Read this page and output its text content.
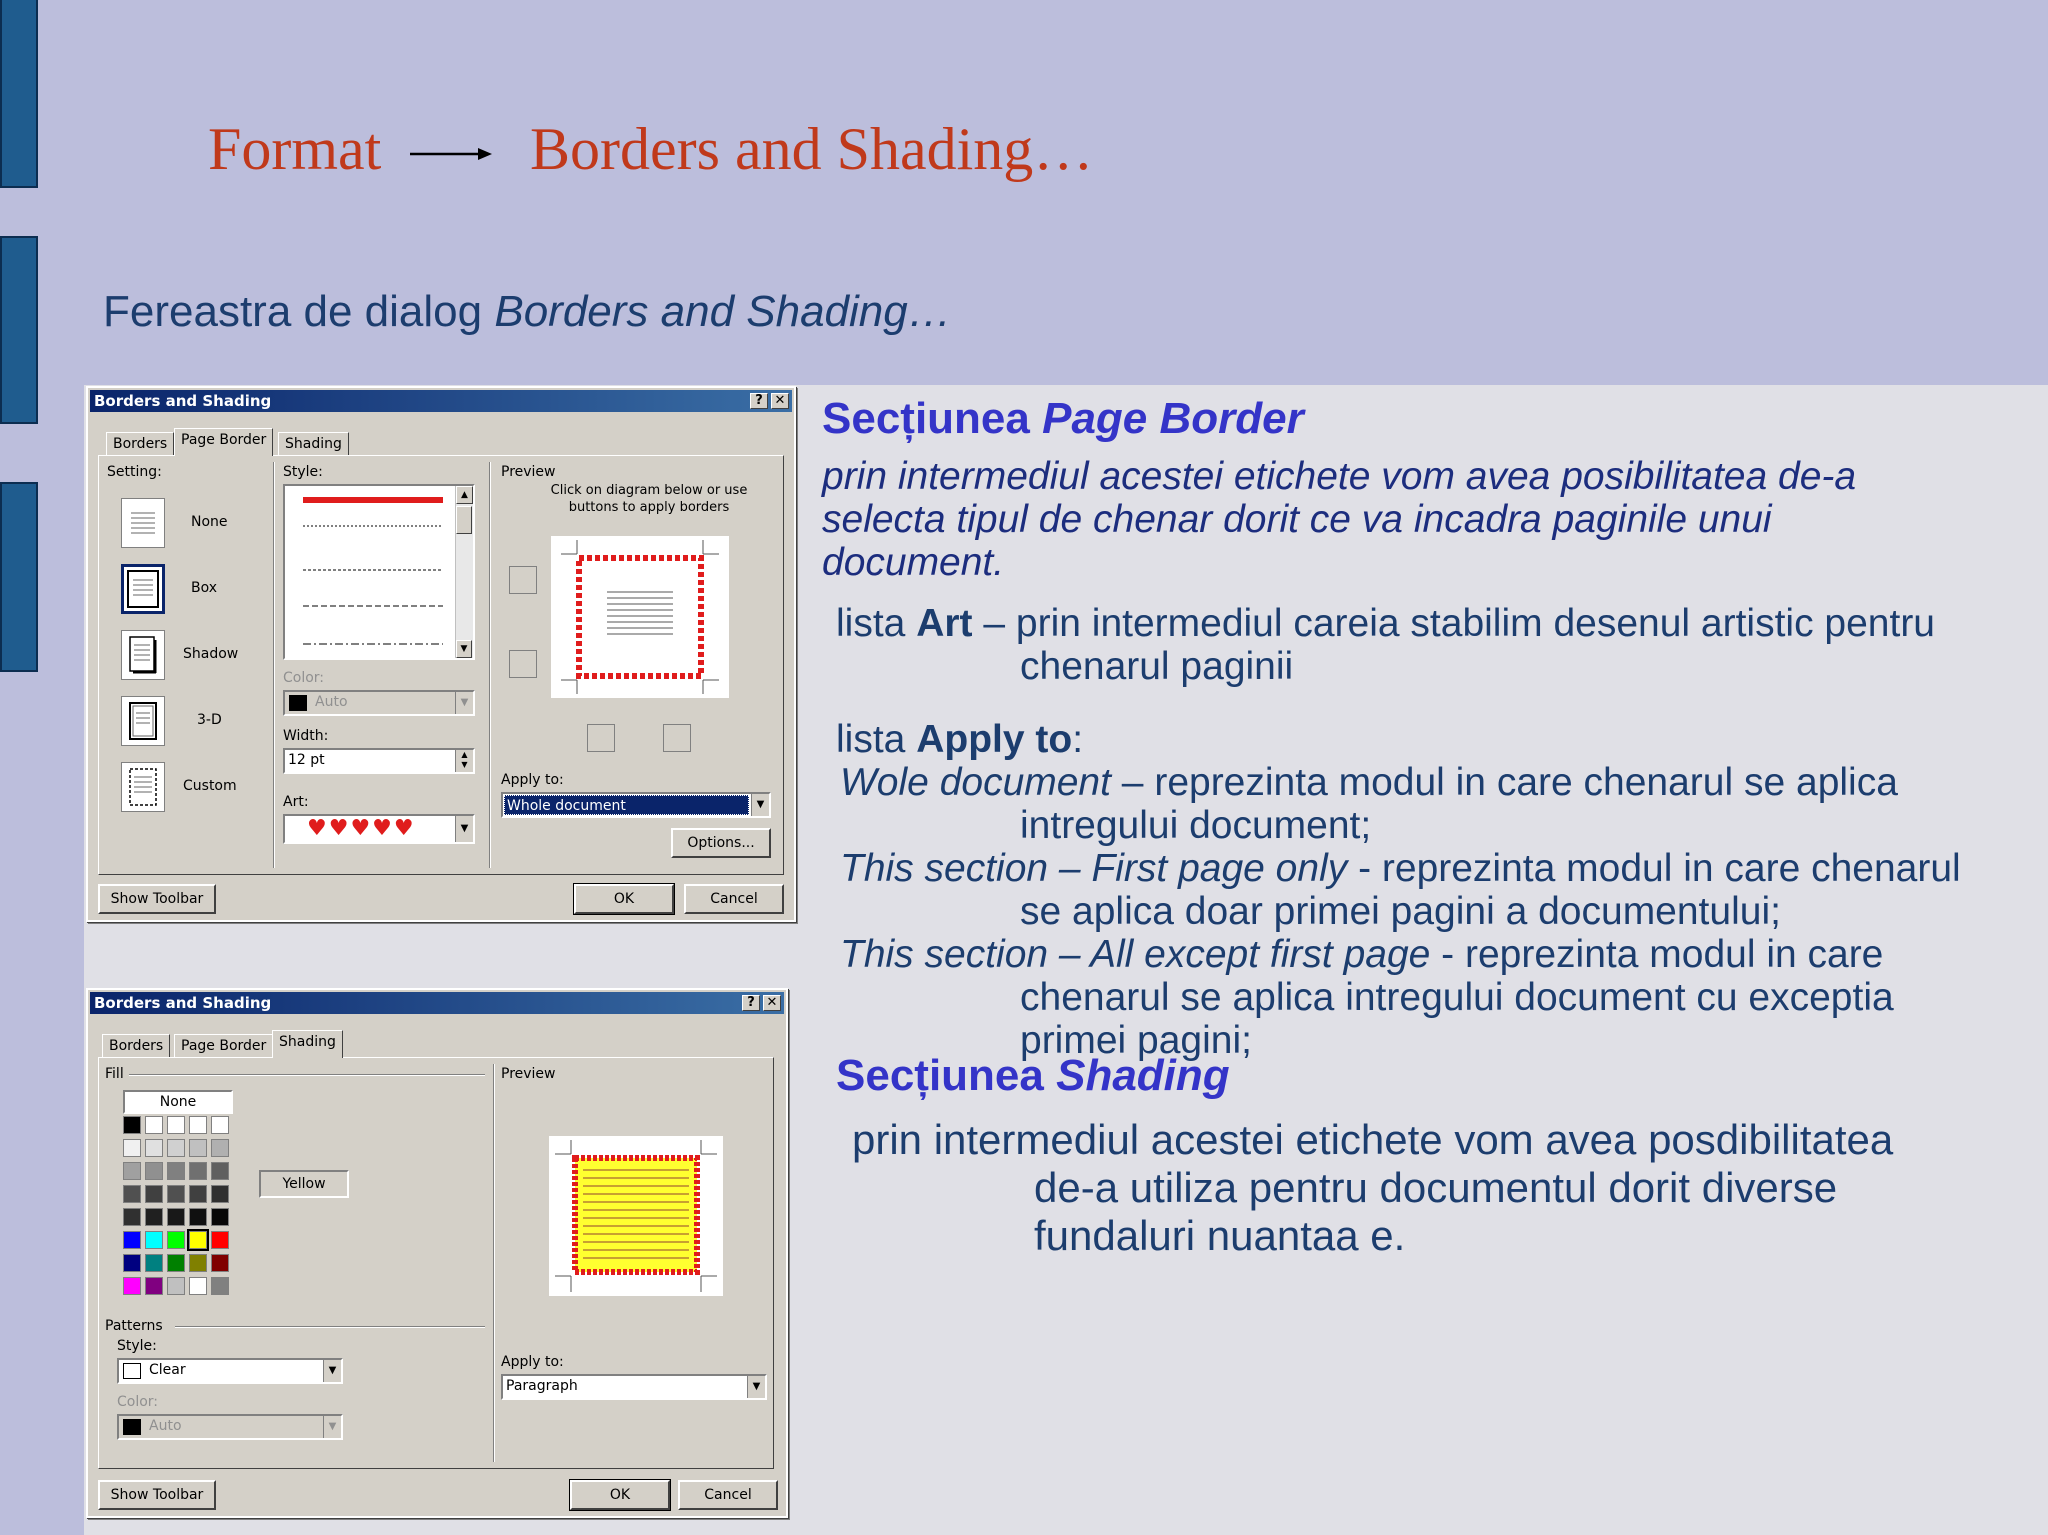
Format Borders and Shading…
Fereastra de dialog Borders and Shading…
Borders and Shading	? ✕
Borders Page Border	Shading
Setting:
None
Box
Shadow
3-D
Custom
Style:
▲
▼
Color:
Auto	▼
Width:
12 pt	▲
▼
Art:
♥♥♥♥♥	▼
Preview
Click on diagram below or use buttons to apply borders
Apply to:
Whole document	▼
Options...
Show Toolbar	OK	Cancel
Borders and Shading	? ✕
Borders	Page Border Shading
Fill
None
Yellow
Patterns
Style:
Clear	▼
Color:
Auto	▼
Preview
Apply to:
Paragraph	▼
Show Toolbar	OK	Cancel
Secțiunea Page Border
prin intermediul acestei etichete vom avea posibilitatea de-a
selecta tipul de chenar dorit ce va incadra paginile unui
document.
lista Art – prin intermediul careia stabilim desenul artistic pentru
chenarul paginii
lista Apply to:
Wole document – reprezinta modul in care chenarul se aplica
intregului document;
This section – First page only - reprezinta modul in care chenarul
se aplica doar primei pagini a documentului;
This section – All except first page - reprezinta modul in care
chenarul se aplica intregului document cu exceptia
primei pagini;
Secțiunea Shading
prin intermediul acestei etichete vom avea posdibilitatea
de-a utiliza pentru documentul dorit diverse
fundaluri nuantaa e.
